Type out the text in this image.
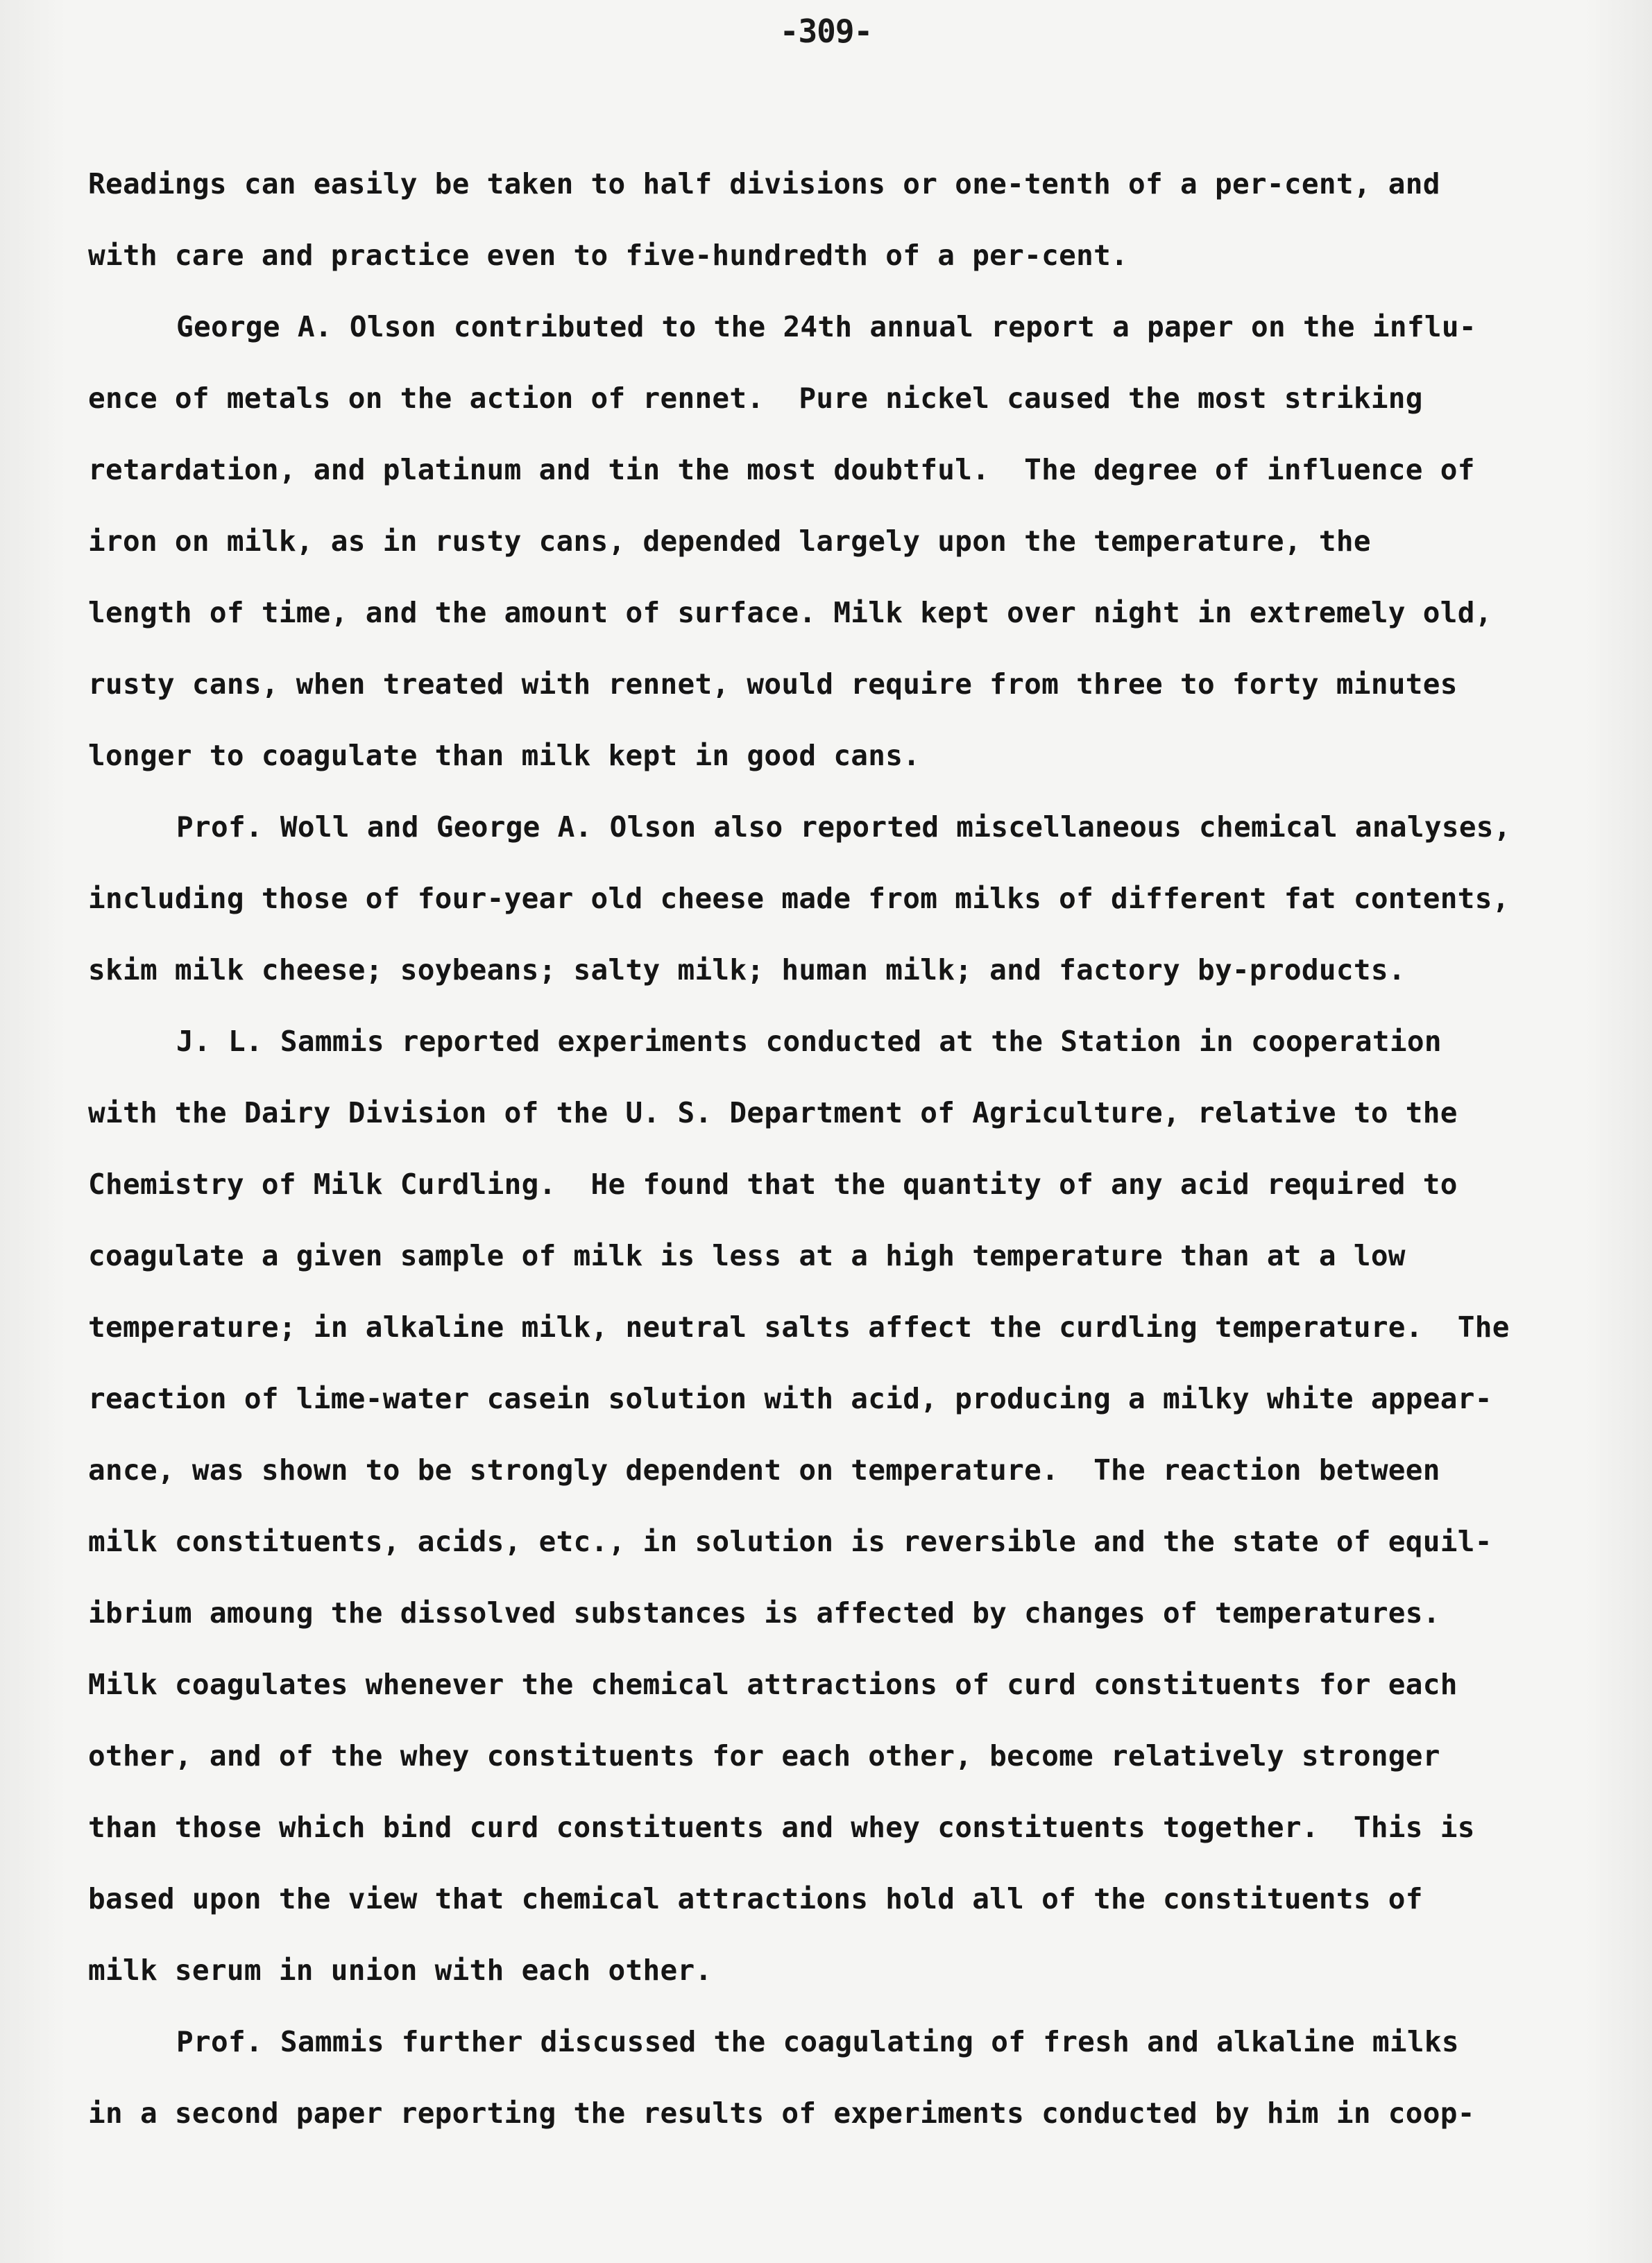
-309-
Readings can easily be taken to half divisions or one-tenth of a per-cent, and
with care and practice even to five-hundredth of a per-cent.
George A. Olson contributed to the 24th annual report a paper on the influ-
ence of metals on the action of rennet.  Pure nickel caused the most striking
retardation, and platinum and tin the most doubtful.  The degree of influence of
iron on milk, as in rusty cans, depended largely upon the temperature, the
length of time, and the amount of surface. Milk kept over night in extremely old,
rusty cans, when treated with rennet, would require from three to forty minutes
longer to coagulate than milk kept in good cans.
Prof. Woll and George A. Olson also reported miscellaneous chemical analyses,
including those of four-year old cheese made from milks of different fat contents,
skim milk cheese; soybeans; salty milk; human milk; and factory by-products.
J. L. Sammis reported experiments conducted at the Station in cooperation
with the Dairy Division of the U. S. Department of Agriculture, relative to the
Chemistry of Milk Curdling.  He found that the quantity of any acid required to
coagulate a given sample of milk is less at a high temperature than at a low
temperature; in alkaline milk, neutral salts affect the curdling temperature.  The
reaction of lime-water casein solution with acid, producing a milky white appear-
ance, was shown to be strongly dependent on temperature.  The reaction between
milk constituents, acids, etc., in solution is reversible and the state of equil-
ibrium amoung the dissolved substances is affected by changes of temperatures.
Milk coagulates whenever the chemical attractions of curd constituents for each
other, and of the whey constituents for each other, become relatively stronger
than those which bind curd constituents and whey constituents together.  This is
based upon the view that chemical attractions hold all of the constituents of
milk serum in union with each other.
Prof. Sammis further discussed the coagulating of fresh and alkaline milks
in a second paper reporting the results of experiments conducted by him in coop-
